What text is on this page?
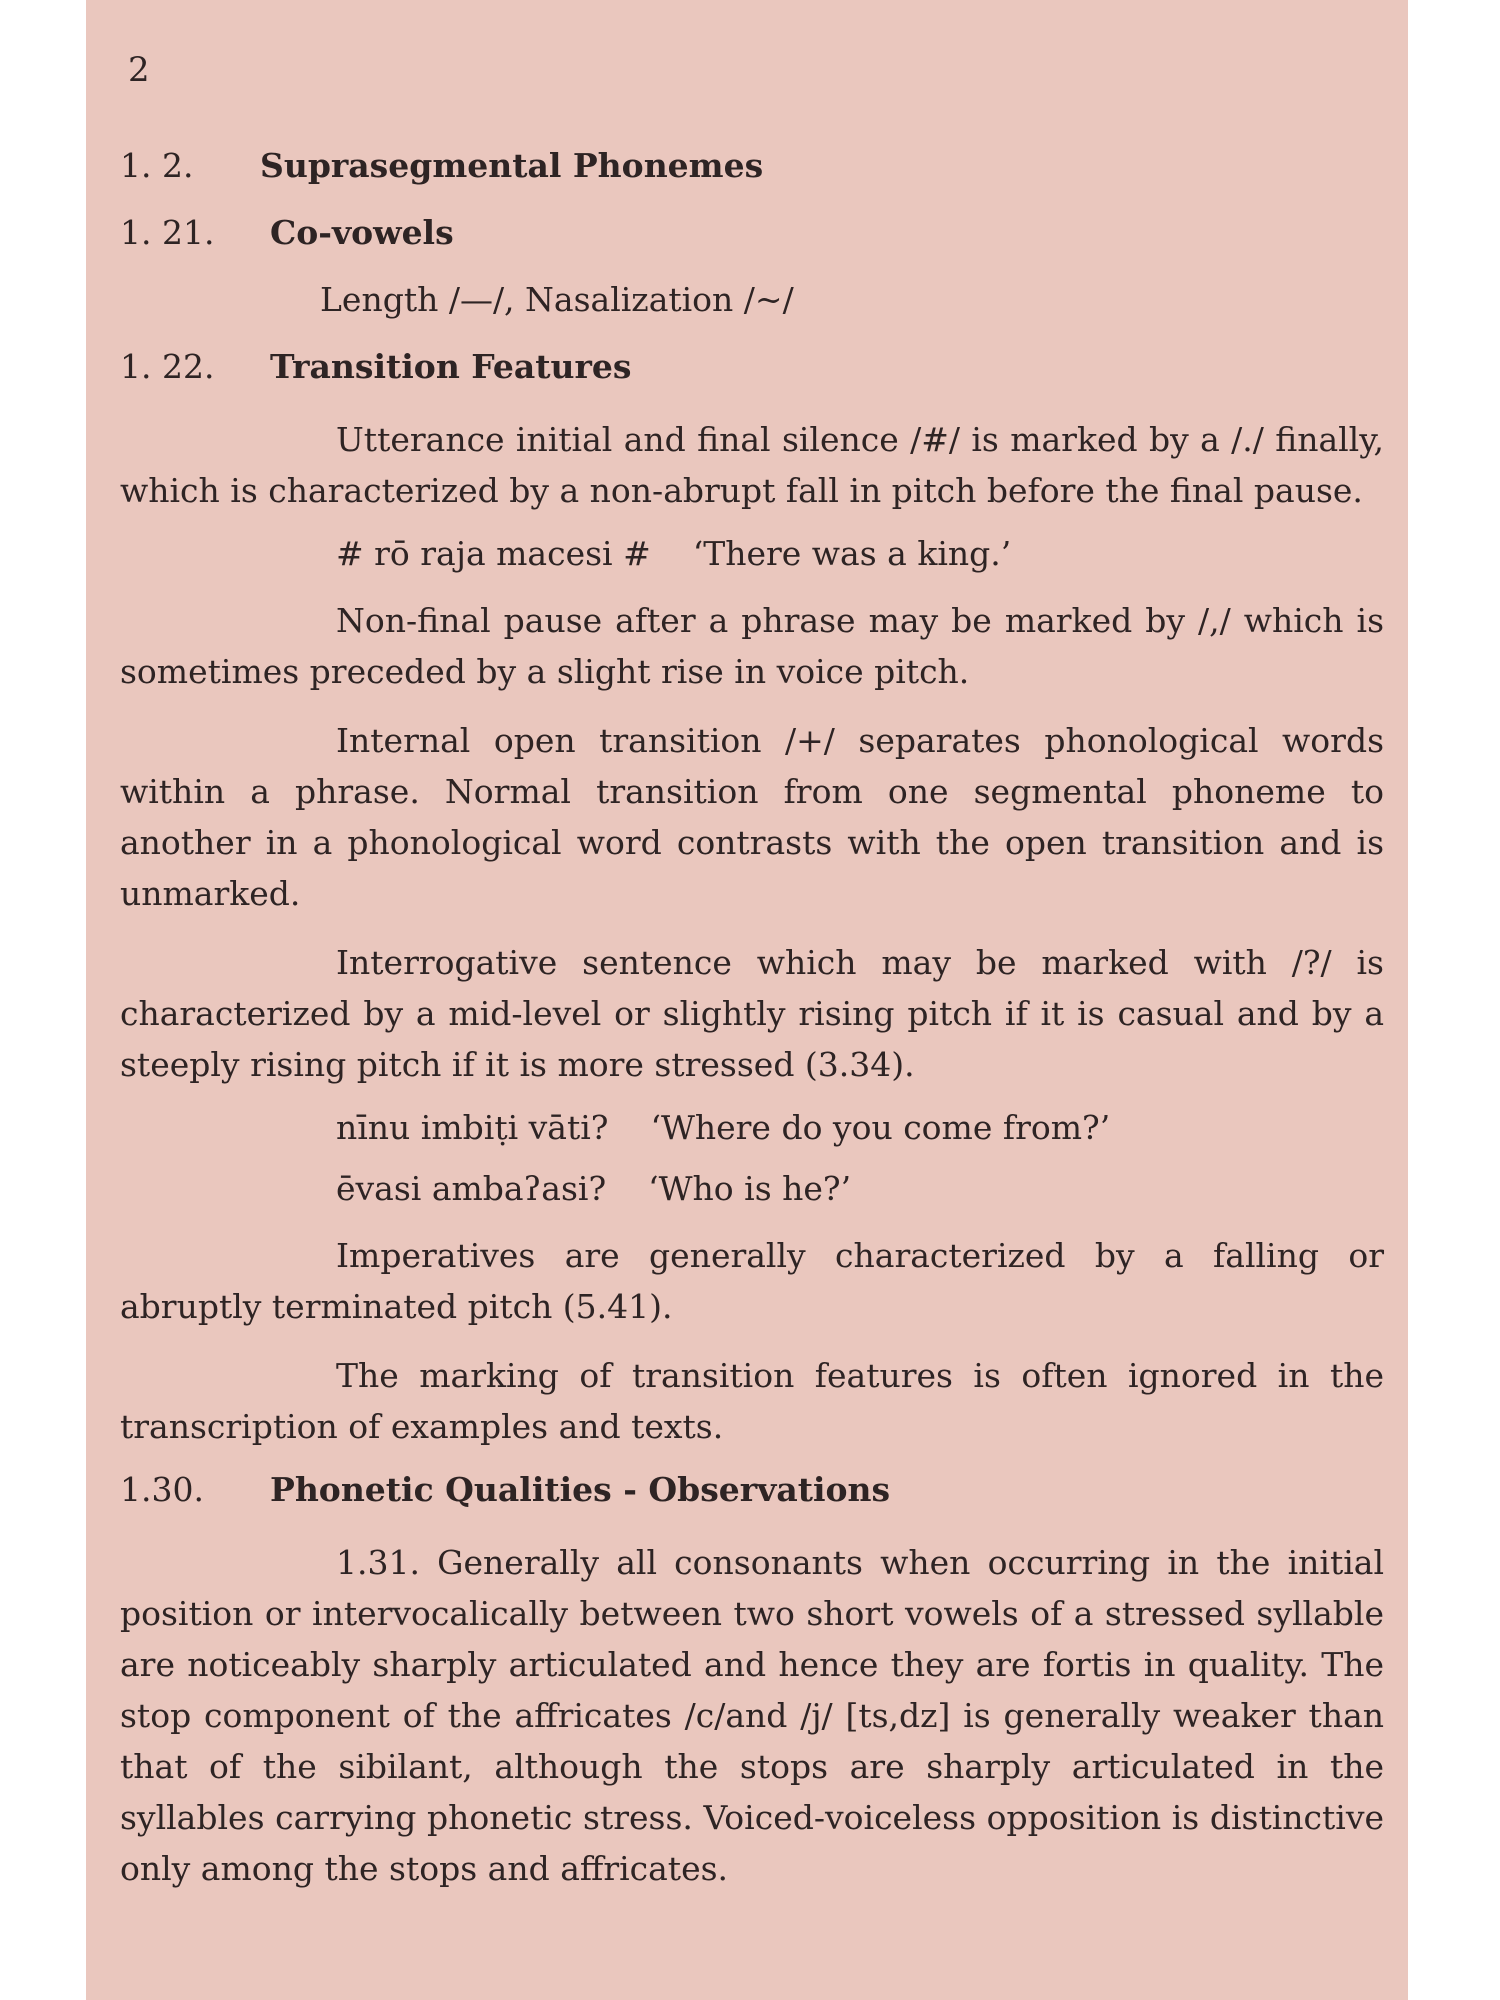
2
1. 2.	Suprasegmental Phonemes
1. 21.	Co-vowels
Length /—/, Nasalization /~/
1. 22.	Transition Features

Utterance initial and final silence /#/ is marked by a /./ finally, which is characterized by a non-abrupt fall in pitch before the final pause.

# rō raja macesi # ‘There was a king.’

Non-final pause after a phrase may be marked by /,/ which is sometimes preceded by a slight rise in voice pitch.

Internal open transition /+/ separates phonological words within a phrase. Normal transition from one segmental phoneme to another in a phonological word contrasts with the open transition and is unmarked.

Interrogative sentence which may be marked with /?/ is characterized by a mid-level or slightly rising pitch if it is casual and by a steeply rising pitch if it is more stressed (3.34).

nīnu imbiṭi vāti? ‘Where do you come from?’
ēvasi ambaʔasi? ‘Who is he?’

Imperatives are generally characterized by a falling or abruptly terminated pitch (5.41).

The marking of transition features is often ignored in the transcription of examples and texts.

1.30.	Phonetic Qualities - Observations

1.31. Generally all consonants when occurring in the initial position or intervocalically between two short vowels of a stressed syllable are noticeably sharply articulated and hence they are fortis in quality. The stop component of the affricates /c/and /j/ [ts,dz] is generally weaker than that of the sibilant, although the stops are sharply articulated in the syllables carrying phonetic stress. Voiced-voiceless opposition is distinctive only among the stops and affricates.
